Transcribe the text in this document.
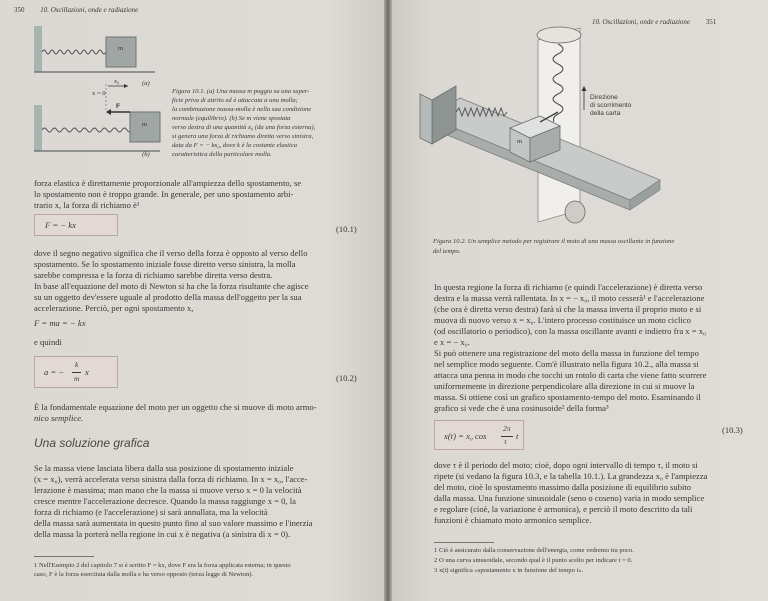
350 10. Oscillazioni, onde e radiazione
m
x₀
x = 0
(a)
F
m
(b)
Figura 10.1. (a) Una massa m poggia su una super-
ficie priva di attrito ed è attaccata a una molla;
la combinazione massa-molla è nella sua condizione
normale (equilibrio). (b) Se m viene spostata
verso destra di una quantità x₀ (da una forza esterna),
si genera una forza di richiamo diretta verso sinistra,
data da F = − kx₀, dove k è la costante elastica
caratteristica della particolare molla.
forza elastica è direttamente proporzionale all'ampiezza dello spostamento, se
lo spostamento non è troppo grande. In generale, per uno spostamento arbi-
trario x, la forza di richiamo è¹
F = − kx	(10.1)
dove il segno negativo significa che il verso della forza è opposto al verso dello
spostamento. Se lo spostamento iniziale fosse diretto verso sinistra, la molla
sarebbe compressa e la forza di richiamo sarebbe diretta verso destra.
In base all'equazione del moto di Newton si ha che la forza risultante che agisce
su un oggetto dev'essere uguale al prodotto della massa dell'oggetto per la sua
accelerazione. Perciò, per ogni spostamento x,
F = ma = − kx
e quindi
a = −
k
m
x
(10.2)
È la fondamentale equazione del moto per un oggetto che si muove di moto armo-
nico semplice.
Una soluzione grafica
Se la massa viene lasciata libera dalla sua posizione di spostamento iniziale
(x = x₀), verrà accelerata verso sinistra dalla forza di richiamo. In x = x₀, l'acce-
lerazione è massima; man mano che la massa si muove verso x = 0 la velocità
cresce mentre l'accelerazione decresce. Quando la massa raggiunge x = 0, la
forza di richiamo (e l'accelerazione) si sarà annullata, ma la velocità
della massa sarà aumentata in questo punto fino al suo valore massimo e l'inerzia
della massa la porterà nella regione in cui x è negativa (a sinistra di x = 0).
1 Nell'Esempio 2 del capitolo 7 si è scritto F = kx, dove F era la forza applicata esterna; in questo
caso, F è la forza esercitata dalla molla e ha verso opposto (terza legge di Newton).
10. Oscillazioni, onde e radiazione 351
m
Direzione
di scorrimento
della carta
Figura 10.2. Un semplice metodo per registrare il moto di una massa oscillante in funzione
del tempo.
In questa regione la forza di richiamo (e quindi l'accelerazione) è diretta verso
destra e la massa verrà rallentata. In x = − x₀, il moto cesserà¹ e l'accelerazione
(che ora è diretta verso destra) farà sì che la massa inverta il proprio moto e si
muova di nuovo verso x = x₀. L'intero processo costituisce un moto ciclico
(od oscillatorio o periodico), con la massa oscillante avanti e indietro fra x = x₀
e x = − x₀.
Si può ottenere una registrazione del moto della massa in funzione del tempo
nel semplice modo seguente. Com'è illustrato nella figura 10.2., alla massa si
attacca una penna in modo che tocchi un rotolo di carta che viene fatto scorrere
uniformemente in direzione perpendicolare alla direzione in cui si muove la
massa. Si ottiene così un grafico spostamento-tempo del moto. Esaminando il
grafico si vede che è una cosinusoide² della forma³
x(t) = x₀ cos
2π
τ
t
(10.3)
dove τ è il periodo del moto; cioè, dopo ogni intervallo di tempo τ, il moto si
ripete (si vedano la figura 10.3, e la tabella 10.1.). La grandezza x₀ è l'ampiezza
del moto, cioè lo spostamento massimo dalla posizione di equilibrio subito
dalla massa. Una funzione sinusoidale (seno o coseno) varia in modo semplice
e regolare (cioè, la variazione è armonica), e perciò il moto descritto da tali
funzioni è chiamato moto armonico semplice.
1 Ciò è assicurato dalla conservazione dell'energia, come vedremo tra poco.
2 O una curva sinusoidale, secondo qual è il punto scelto per indicare t = 0.
3 x(t) significa «spostamento x in funzione del tempo t».
